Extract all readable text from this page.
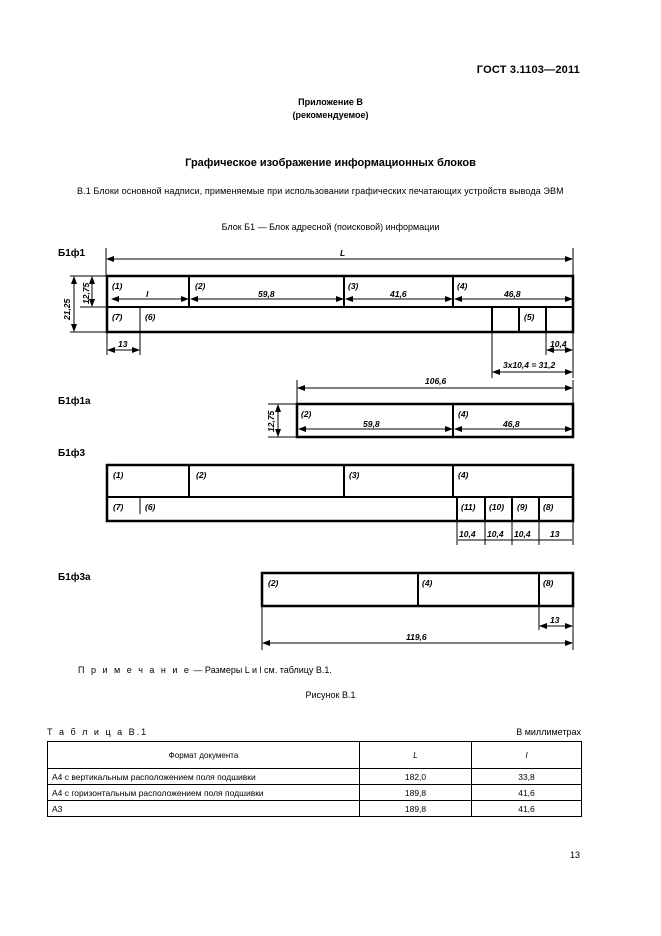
ГОСТ 3.1103—2011
Приложение В
(рекомендуемое)
Графическое изображение информационных блоков
В.1 Блоки основной надписи, применяемые при использовании графических печатающих устройств вывода ЭВМ
Блок Б1 — Блок адресной (поисковой) информации
Б1ф1	L
(1)	(2)	(3)	(4)
l	59,8	41,6	46,8
(7)	(6)	(5)
12,75
21,25
13	10,4
3х10,4 = 31,2
Б1ф1а
106,6
(2)	(4)
59,8	46,8
12,75
Б1ф3
(1)	(2)	(3)	(4)
(7)	(6)	(11) (10) (9) (8)
10,4 10,4 10,4 13
Б1ф3а	(2)	(4)	(8)
13
119,6
П р и м е ч а н и е — Размеры L и l см. таблицу В.1.
Рисунок В.1
Т а б л и ц а В.1	В миллиметрах
Формат документа	L	l
А4 с вертикальным расположением поля подшивки	182,0	33,8
А4 с горизонтальным расположением поля подшивки	189,8	41,6
А3	189,8	41,6
13
